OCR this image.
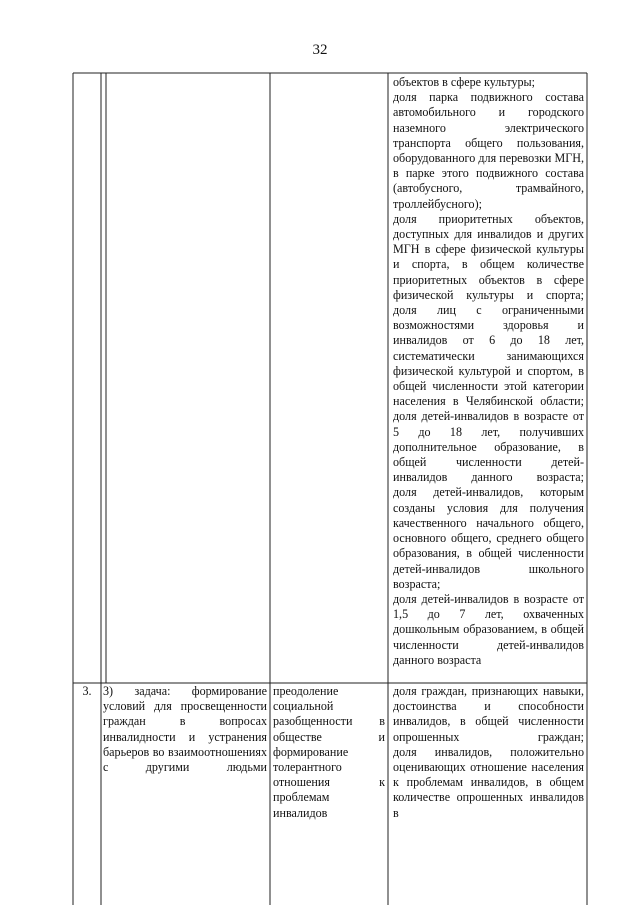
32

объектов в сфере культуры;

доля парка подвижного состава автомобильного и городского наземного электрического транспорта общего пользования, оборудованного для перевозки МГН, в парке этого подвижного состава (автобусного, трамвайного, троллейбусного);

доля приоритетных объектов, доступных для инвалидов и других МГН в сфере физической культуры и спорта, в общем количестве приоритетных объектов в сфере физической культуры и спорта;

доля лиц с ограниченными возможностями здоровья и инвалидов от 6 до 18 лет, систематически занимающихся физической культурой и спортом, в общей численности этой категории населения в Челябинской области;

доля детей-инвалидов в возрасте от 5 до 18 лет, получивших дополнительное образование, в общей численности детей-инвалидов данного возраста;

доля детей-инвалидов, которым созданы условия для получения качественного начального общего, основного общего, среднего общего образования, в общей численности детей-инвалидов школьного возраста;

доля детей-инвалидов в возрасте от 1,5 до 7 лет, охваченных дошкольным образованием, в общей численности детей-инвалидов данного возраста

3. 3) задача: формирование условий для просвещенности граждан в вопросах инвалидности и устранения барьеров во взаимоотношениях с другими людьми

преодоление социальной разобщенности в обществе и формирование толерантного отношения к проблемам инвалидов

доля граждан, признающих навыки, достоинства и способности инвалидов, в общей численности опрошенных граждан;

доля инвалидов, положительно оценивающих отношение населения к проблемам инвалидов, в общем количестве опрошенных инвалидов в
